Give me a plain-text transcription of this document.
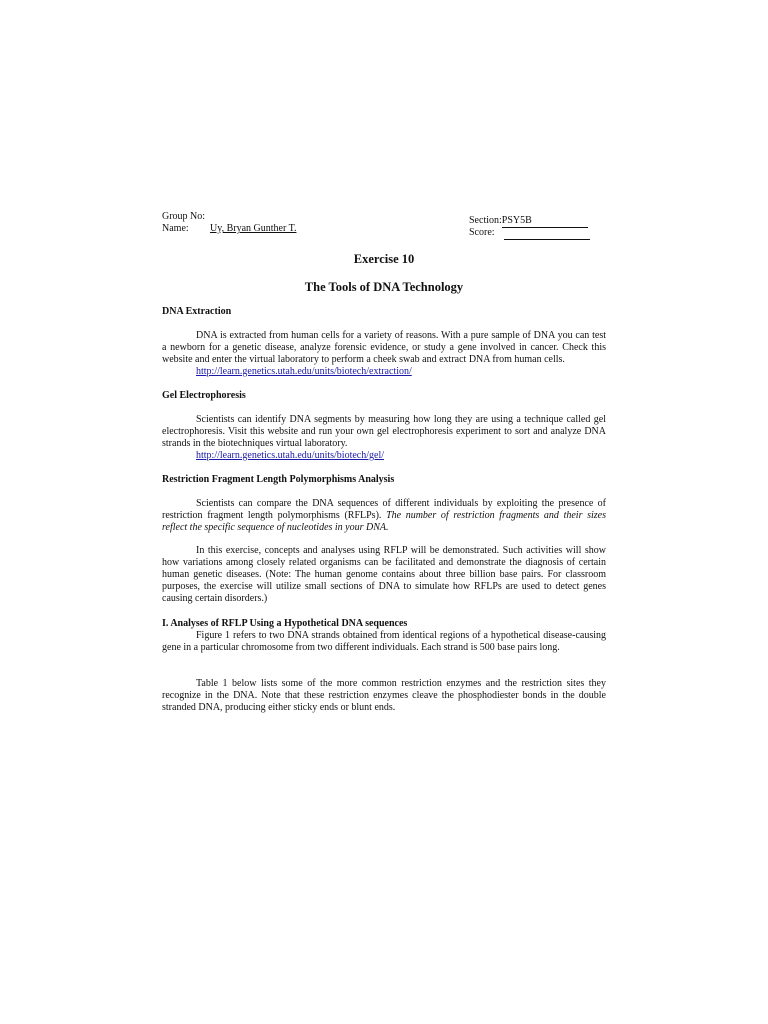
Group No:
Name: Uy, Bryan Gunther T.
Section:PSY5B
Score:
Exercise 10
The Tools of DNA Technology
DNA Extraction
DNA is extracted from human cells for a variety of reasons. With a pure sample of DNA you can test a newborn for a genetic disease, analyze forensic evidence, or study a gene involved in cancer. Check this website and enter the virtual laboratory to perform a cheek swab and extract DNA from human cells.
http://learn.genetics.utah.edu/units/biotech/extraction/
Gel Electrophoresis
Scientists can identify DNA segments by measuring how long they are using a technique called gel electrophoresis. Visit this website and run your own gel electrophoresis experiment to sort and analyze DNA strands in the biotechniques virtual laboratory.
http://learn.genetics.utah.edu/units/biotech/gel/
Restriction Fragment Length Polymorphisms Analysis
Scientists can compare the DNA sequences of different individuals by exploiting the presence of restriction fragment length polymorphisms (RFLPs). The number of restriction fragments and their sizes reflect the specific sequence of nucleotides in your DNA.
In this exercise, concepts and analyses using RFLP will be demonstrated. Such activities will show how variations among closely related organisms can be facilitated and demonstrate the diagnosis of certain human genetic diseases. (Note: The human genome contains about three billion base pairs. For classroom purposes, the exercise will utilize small sections of DNA to simulate how RFLPs are used to detect genes causing certain disorders.)
I. Analyses of RFLP Using a Hypothetical DNA sequences
Figure 1 refers to two DNA strands obtained from identical regions of a hypothetical disease-causing gene in a particular chromosome from two different individuals. Each strand is 500 base pairs long.
Table 1 below lists some of the more common restriction enzymes and the restriction sites they recognize in the DNA. Note that these restriction enzymes cleave the phosphodiester bonds in the double stranded DNA, producing either sticky ends or blunt ends.
